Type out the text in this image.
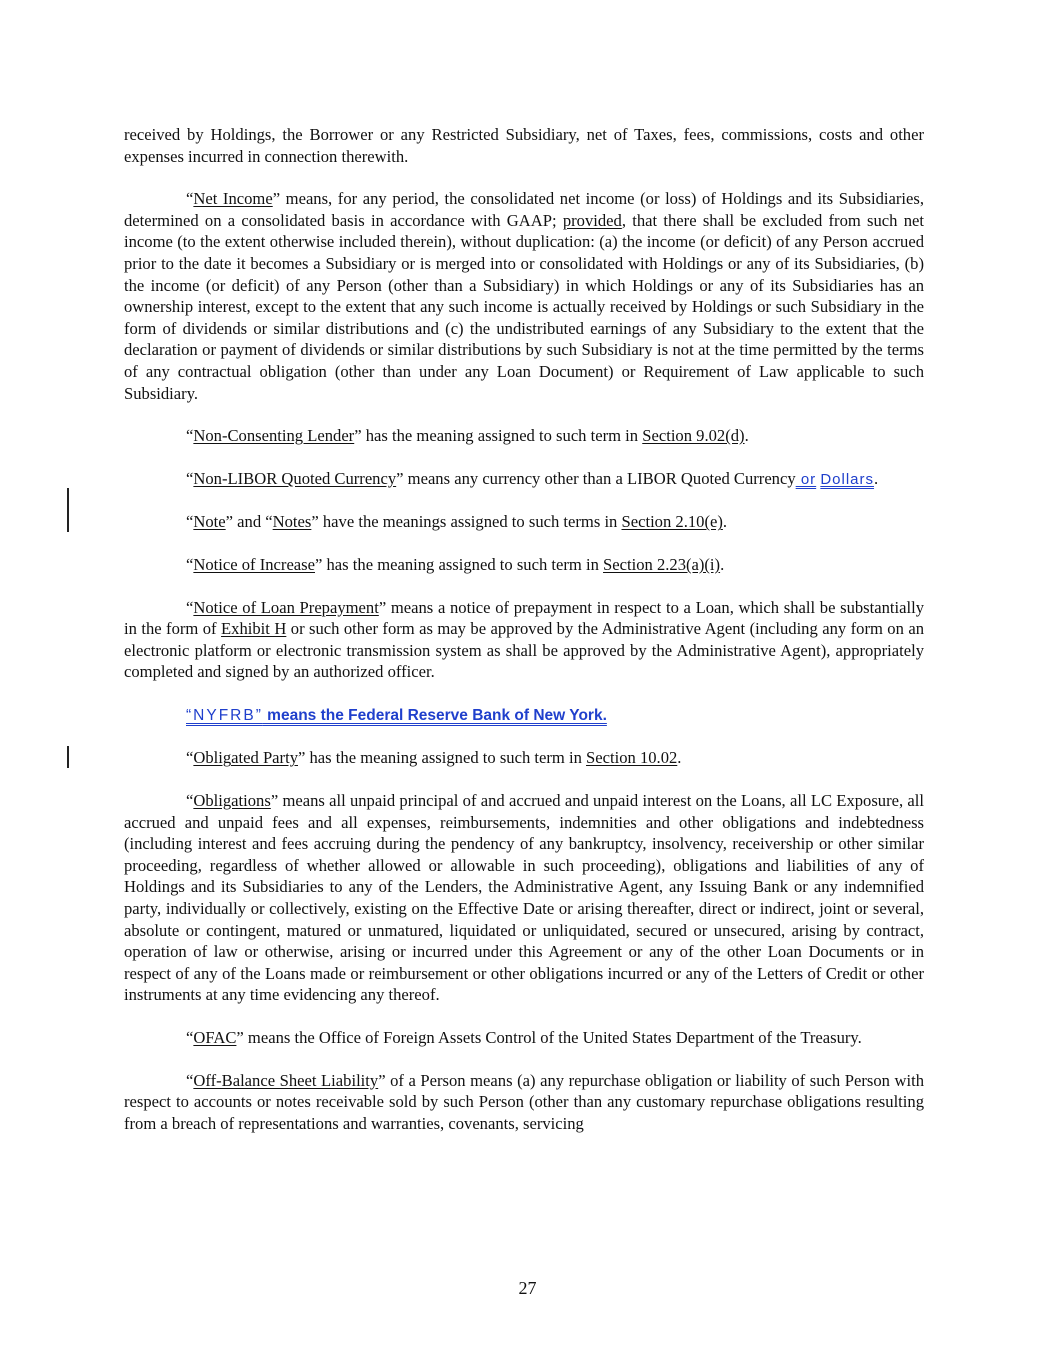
received by Holdings, the Borrower or any Restricted Subsidiary, net of Taxes, fees, commissions, costs and other expenses incurred in connection therewith.

“Net Income” means, for any period, the consolidated net income (or loss) of Holdings and its Subsidiaries, determined on a consolidated basis in accordance with GAAP; provided, that there shall be excluded from such net income (to the extent otherwise included therein), without duplication: (a) the income (or deficit) of any Person accrued prior to the date it becomes a Subsidiary or is merged into or consolidated with Holdings or any of its Subsidiaries, (b) the income (or deficit) of any Person (other than a Subsidiary) in which Holdings or any of its Subsidiaries has an ownership interest, except to the extent that any such income is actually received by Holdings or such Subsidiary in the form of dividends or similar distributions and (c) the undistributed earnings of any Subsidiary to the extent that the declaration or payment of dividends or similar distributions by such Subsidiary is not at the time permitted by the terms of any contractual obligation (other than under any Loan Document) or Requirement of Law applicable to such Subsidiary.

“Non-Consenting Lender” has the meaning assigned to such term in Section 9.02(d).

“Non-LIBOR Quoted Currency” means any currency other than a LIBOR Quoted Currency or Dollars.

“Note” and “Notes” have the meanings assigned to such terms in Section 2.10(e).

“Notice of Increase” has the meaning assigned to such term in Section 2.23(a)(i).

“Notice of Loan Prepayment” means a notice of prepayment in respect to a Loan, which shall be substantially in the form of Exhibit H or such other form as may be approved by the Administrative Agent (including any form on an electronic platform or electronic transmission system as shall be approved by the Administrative Agent), appropriately completed and signed by an authorized officer.

“NYFRB” means the Federal Reserve Bank of New York.

“Obligated Party” has the meaning assigned to such term in Section 10.02.

“Obligations” means all unpaid principal of and accrued and unpaid interest on the Loans, all LC Exposure, all accrued and unpaid fees and all expenses, reimbursements, indemnities and other obligations and indebtedness (including interest and fees accruing during the pendency of any bankruptcy, insolvency, receivership or other similar proceeding, regardless of whether allowed or allowable in such proceeding), obligations and liabilities of any of Holdings and its Subsidiaries to any of the Lenders, the Administrative Agent, any Issuing Bank or any indemnified party, individually or collectively, existing on the Effective Date or arising thereafter, direct or indirect, joint or several, absolute or contingent, matured or unmatured, liquidated or unliquidated, secured or unsecured, arising by contract, operation of law or otherwise, arising or incurred under this Agreement or any of the other Loan Documents or in respect of any of the Loans made or reimbursement or other obligations incurred or any of the Letters of Credit or other instruments at any time evidencing any thereof.

“OFAC” means the Office of Foreign Assets Control of the United States Department of the Treasury.

“Off-Balance Sheet Liability” of a Person means (a) any repurchase obligation or liability of such Person with respect to accounts or notes receivable sold by such Person (other than any customary repurchase obligations resulting from a breach of representations and warranties, covenants, servicing

27
